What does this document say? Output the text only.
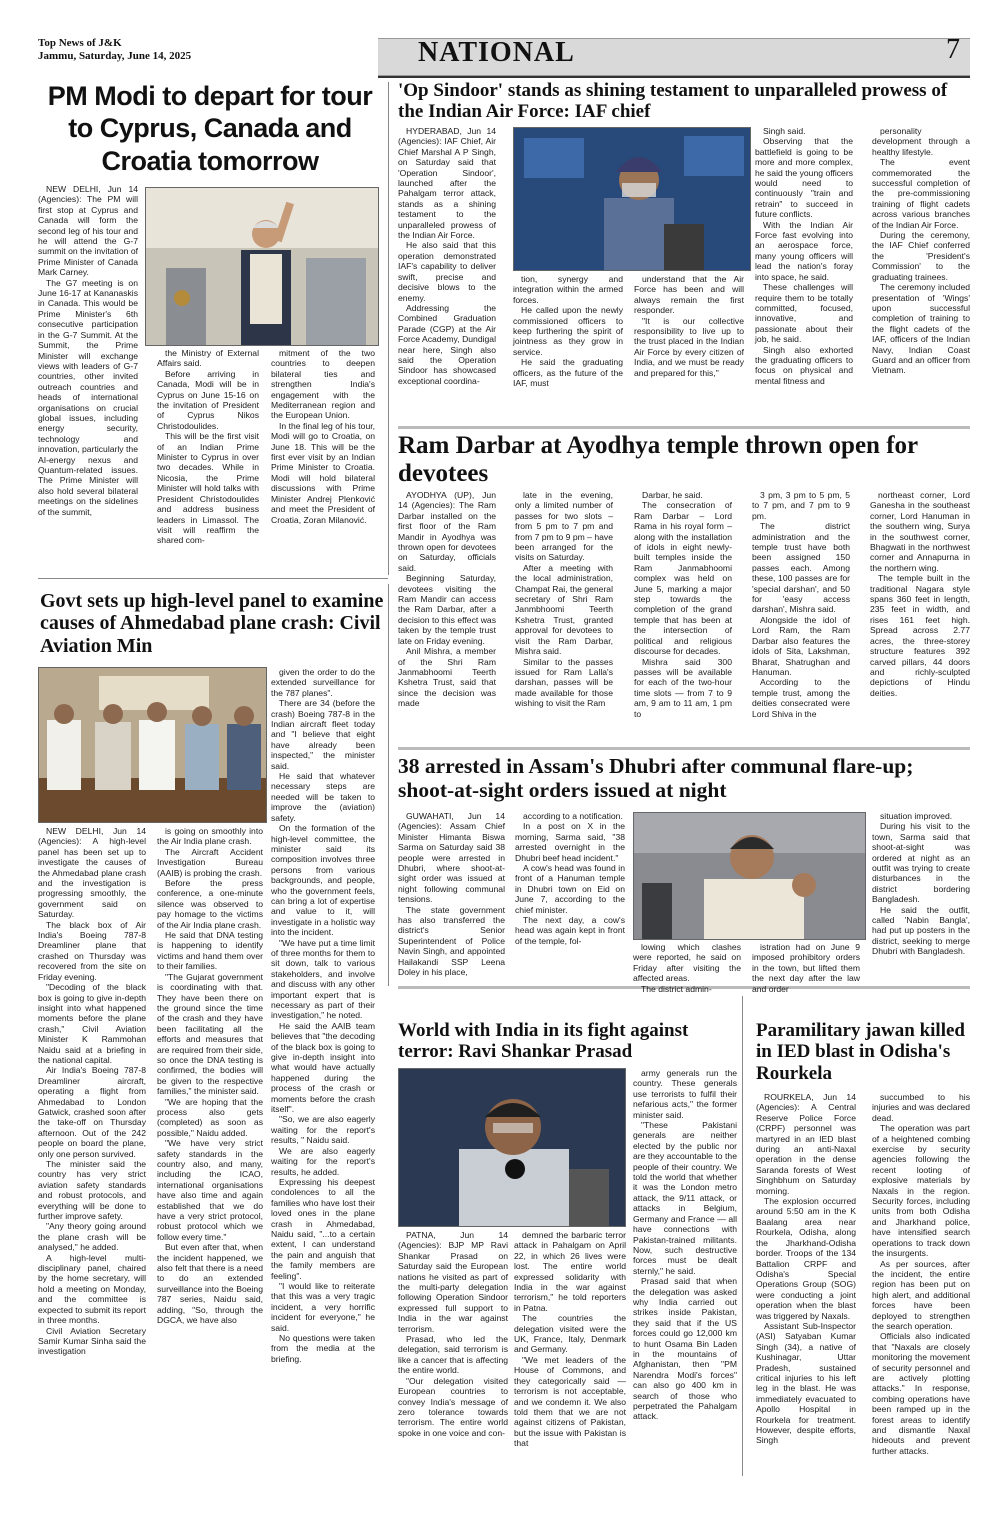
Top News of J&K
Jammu, Saturday, June 14, 2025	NATIONAL	7
PM Modi to depart for tour to Cyprus, Canada and Croatia tomorrow

NEW DELHI, Jun 14 (Agencies): The PM will first stop at Cyprus and Canada will form the second leg of his tour and he will attend the G-7 summit on the invitation of Prime Minister of Canada Mark Carney.

The G7 meeting is on June 16-17 at Kananaskis in Canada. This would be Prime Minister's 6th consecutive participation in the G-7 Summit. At the Summit, the Prime Minister will exchange views with leaders of G-7 countries, other invited outreach countries and heads of international organisations on crucial global issues, including energy security, technology and innovation, particularly the AI-energy nexus and Quantum-related issues. The Prime Minister will also hold several bilateral meetings on the sidelines of the summit,

the Ministry of External Affairs said.

Before arriving in Canada, Modi will be in Cyprus on June 15-16 on the invitation of President of Cyprus Nikos Christodoulides.

This will be the first visit of an Indian Prime Minister to Cyprus in over two decades. While in Nicosia, the Prime Minister will hold talks with President Christodoulides and address business leaders in Limassol. The visit will reaffirm the shared com-

mitment of the two countries to deepen bilateral ties and strengthen India's engagement with the Mediterranean region and the European Union.

In the final leg of his tour, Modi will go to Croatia, on June 18. This will be the first ever visit by an Indian Prime Minister to Croatia. Modi will hold bilateral discussions with Prime Minister Andrej Plenković and meet the President of Croatia, Zoran Milanović.

'Op Sindoor' stands as shining testament to unparalleled prowess of the Indian Air Force: IAF chief

HYDERABAD, Jun 14 (Agencies): IAF Chief, Air Chief Marshal A P Singh, on Saturday said that 'Operation Sindoor', launched after the Pahalgam terror attack, stands as a shining testament to the unparalleled prowess of the Indian Air Force.

He also said that this operation demonstrated IAF's capability to deliver swift, precise and decisive blows to the enemy.

Addressing the Combined Graduation Parade (CGP) at the Air Force Academy, Dundigal near here, Singh also said the Operation Sindoor has showcased exceptional coordina-

tion, synergy and integration within the armed forces.

He called upon the newly commissioned officers to keep furthering the spirit of jointness as they grow in service.

He said the graduating officers, as the future of the IAF, must

understand that the Air Force has been and will always remain the first responder.

"It is our collective responsibility to live up to the trust placed in the Indian Air Force by every citizen of India, and we must be ready and prepared for this,"

Singh said.

Observing that the battlefield is going to be more and more complex, he said the young officers would need to continuously "train and retrain" to succeed in future conflicts.

With the Indian Air Force fast evolving into an aerospace force, many young officers will lead the nation's foray into space, he said.

These challenges will require them to be totally committed, focused, innovative, and passionate about their job, he said.

Singh also exhorted the graduating officers to focus on physical and mental fitness and

personality development through a healthy lifestyle.

The event commemorated the successful completion of the pre-commissioning training of flight cadets across various branches of the Indian Air Force.

During the ceremony, the IAF Chief conferred the 'President's Commission' to the graduating trainees.

The ceremony included presentation of 'Wings' upon successful completion of training to the flight cadets of the IAF, officers of the Indian Navy, Indian Coast Guard and an officer from Vietnam.

Ram Darbar at Ayodhya temple thrown open for devotees

AYODHYA (UP), Jun 14 (Agencies): The Ram Darbar installed on the first floor of the Ram Mandir in Ayodhya was thrown open for devotees on Saturday, officials said.

Beginning Saturday, devotees visiting the Ram Mandir can access the Ram Darbar, after a decision to this effect was taken by the temple trust late on Friday evening.

Anil Mishra, a member of the Shri Ram Janmabhoomi Teerth Kshetra Trust, said that since the decision was made

late in the evening, only a limited number of passes for two slots – from 5 pm to 7 pm and from 7 pm to 9 pm – have been arranged for the visits on Saturday.

After a meeting with the local administration, Champat Rai, the general secretary of Shri Ram Janmbhoomi Teerth Kshetra Trust, granted approval for devotees to visit the Ram Darbar, Mishra said.

Similar to the passes issued for Ram Lalla's darshan, passes will be made available for those wishing to visit the Ram

Darbar, he said.

The consecration of Ram Darbar – Lord Rama in his royal form – along with the installation of idols in eight newly-built temples inside the Ram Janmabhoomi complex was held on June 5, marking a major step towards the completion of the grand temple that has been at the intersection of political and religious discourse for decades.

Mishra said 300 passes will be available for each of the two-hour time slots — from 7 to 9 am, 9 am to 11 am, 1 pm to

3 pm, 3 pm to 5 pm, 5 to 7 pm, and 7 pm to 9 pm.

The district administration and the temple trust have both been assigned 150 passes each. Among these, 100 passes are for 'special darshan', and 50 for 'easy access darshan', Mishra said.

Alongside the idol of Lord Ram, the Ram Darbar also features the idols of Sita, Lakshman, Bharat, Shatrughan and Hanuman.

According to the temple trust, among the deities consecrated were Lord Shiva in the

northeast corner, Lord Ganesha in the southeast corner, Lord Hanuman in the southern wing, Surya in the southwest corner, Bhagwati in the northwest corner and Annapurna in the northern wing.

The temple built in the traditional Nagara style spans 360 feet in length, 235 feet in width, and rises 161 feet high. Spread across 2.77 acres, the three-storey structure features 392 carved pillars, 44 doors and richly-sculpted depictions of Hindu deities.

Govt sets up high-level panel to examine causes of Ahmedabad plane crash: Civil Aviation Min

given the order to do the extended surveillance for the 787 planes".

There are 34 (before the crash) Boeing 787-8 in the Indian aircraft fleet today and "I believe that eight have already been inspected," the minister said.

He said that whatever necessary steps are needed will be taken to improve the (aviation) safety.

On the formation of the high-level committee, the minister said its composition involves three persons from various backgrounds, and people, who the government feels, can bring a lot of expertise and value to it, will investigate in a holistic way into the incident.

"We have put a time limit of three months for them to sit down, talk to various stakeholders, and involve and discuss with any other important expert that is necessary as part of their investigation," he noted.

He said the AAIB team believes that "the decoding of the black box is going to give in-depth insight into what would have actually happened during the process of the crash or moments before the crash itself".

"So, we are also eagerly waiting for the report's results, " Naidu said.

We are also eagerly waiting for the report's results, he added.

Expressing his deepest condolences to all the families who have lost their loved ones in the plane crash in Ahmedabad, Naidu said, "...to a certain extent, I can understand the pain and anguish that the family members are feeling".

"I would like to reiterate that this was a very tragic incident, a very horrific incident for everyone," he said.

No questions were taken from the media at the briefing.

NEW DELHI, Jun 14 (Agencies): A high-level panel has been set up to investigate the causes of the Ahmedabad plane crash and the investigation is progressing smoothly, the government said on Saturday.

The black box of Air India's Boeing 787-8 Dreamliner plane that crashed on Thursday was recovered from the site on Friday evening.

"Decoding of the black box is going to give in-depth insight into what happened moments before the plane crash," Civil Aviation Minister K Rammohan Naidu said at a briefing in the national capital.

Air India's Boeing 787-8 Dreamliner aircraft, operating a flight from Ahmedabad to London Gatwick, crashed soon after the take-off on Thursday afternoon. Out of the 242 people on board the plane, only one person survived.

The minister said the country has very strict aviation safety standards and robust protocols, and everything will be done to further improve safety.

"Any theory going around the plane crash will be analysed," he added.

A high-level multi-disciplinary panel, chaired by the home secretary, will hold a meeting on Monday, and the committee is expected to submit its report in three months.

Civil Aviation Secretary Samir Kumar Sinha said the investigation

is going on smoothly into the Air India plane crash.

The Aircraft Accident Investigation Bureau (AAIB) is probing the crash.

Before the press conference, a one-minute silence was observed to pay homage to the victims of the Air India plane crash.

He said that DNA testing is happening to identify victims and hand them over to their families.

"The Gujarat government is coordinating with that. They have been there on the ground since the time of the crash and they have been facilitating all the efforts and measures that are required from their side, so once the DNA testing is confirmed, the bodies will be given to the respective families," the minister said.

"We are hoping that the process also gets (completed) as soon as possible," Naidu added.

"We have very strict safety standards in the country also, and many, including the ICAO, international organisations have also time and again established that we do have a very strict protocol, robust protocol which we follow every time."

But even after that, when the incident happened, we also felt that there is a need to do an extended surveillance into the Boeing 787 series, Naidu said, adding, "So, through the DGCA, we have also

38 arrested in Assam's Dhubri after communal flare-up; shoot-at-sight orders issued at night

GUWAHATI, Jun 14 (Agencies): Assam Chief Minister Himanta Biswa Sarma on Saturday said 38 people were arrested in Dhubri, where shoot-at-sight order was issued at night following communal tensions.

The state government has also transferred the district's Senior Superintendent of Police Navin Singh, and appointed Hailakandi SSP Leena Doley in his place,

according to a notification.

In a post on X in the morning, Sarma said, "38 arrested overnight in the Dhubri beef head incident."

A cow's head was found in front of a Hanuman temple in Dhubri town on Eid on June 7, according to the chief minister.

The next day, a cow's head was again kept in front of the temple, fol-

lowing which clashes were reported, he said on Friday after visiting the affected areas.

The district admin-

istration had on June 9 imposed prohibitory orders in the town, but lifted them the next day after the law and order

situation improved.

During his visit to the town, Sarma said that shoot-at-sight was ordered at night as an outfit was trying to create disturbances in the district bordering Bangladesh.

He said the outfit, called 'Nabin Bangla', had put up posters in the district, seeking to merge Dhubri with Bangladesh.

World with India in its fight against terror: Ravi Shankar Prasad

PATNA, Jun 14 (Agencies): BJP MP Ravi Shankar Prasad on Saturday said the European nations he visited as part of the multi-party delegation following Operation Sindoor expressed full support to India in the war against terrorism.

Prasad, who led the delegation, said terrorism is like a cancer that is affecting the entire world.

"Our delegation visited European countries to convey India's message of zero tolerance towards terrorism. The entire world spoke in one voice and con-

demned the barbaric terror attack in Pahalgam on April 22, in which 26 lives were lost. The entire world expressed solidarity with India in the war against terrorism," he told reporters in Patna.

The countries the delegation visited were the UK, France, Italy, Denmark and Germany.

"We met leaders of the House of Commons, and they categorically said — terrorism is not acceptable, and we condemn it. We also told them that we are not against citizens of Pakistan, but the issue with Pakistan is that

army generals run the country. These generals use terrorists to fulfil their nefarious acts," the former minister said.

"These Pakistani generals are neither elected by the public nor are they accountable to the people of their country. We told the world that whether it was the London metro attack, the 9/11 attack, or attacks in Belgium, Germany and France — all have connections with Pakistan-trained militants. Now, such destructive forces must be dealt sternly," he said.

Prasad said that when the delegation was asked why India carried out strikes inside Pakistan, they said that if the US forces could go 12,000 km to hunt Osama Bin Laden in the mountains of Afghanistan, then "PM Narendra Modi's forces" can also go 400 km in search of those who perpetrated the Pahalgam attack.

Paramilitary jawan killed in IED blast in Odisha's Rourkela

ROURKELA, Jun 14 (Agencies): A Central Reserve Police Force (CRPF) personnel was martyred in an IED blast during an anti-Naxal operation in the dense Saranda forests of West Singhbhum on Saturday morning.

The explosion occurred around 5:50 am in the K Baalang area near Rourkela, Odisha, along the Jharkhand-Odisha border. Troops of the 134 Battalion CRPF and Odisha's Special Operations Group (SOG) were conducting a joint operation when the blast was triggered by Naxals.

Assistant Sub-Inspector (ASI) Satyaban Kumar Singh (34), a native of Kushinagar, Uttar Pradesh, sustained critical injuries to his left leg in the blast. He was immediately evacuated to Apollo Hospital in Rourkela for treatment. However, despite efforts, Singh

succumbed to his injuries and was declared dead.

The operation was part of a heightened combing exercise by security agencies following the recent looting of explosive materials by Naxals in the region. Security forces, including units from both Odisha and Jharkhand police, have intensified search operations to track down the insurgents.

As per sources, after the incident, the entire region has been put on high alert, and additional forces have been deployed to strengthen the search operation.

Officials also indicated that "Naxals are closely monitoring the movement of security personnel and are actively plotting attacks." In response, combing operations have been ramped up in the forest areas to identify and dismantle Naxal hideouts and prevent further attacks.
